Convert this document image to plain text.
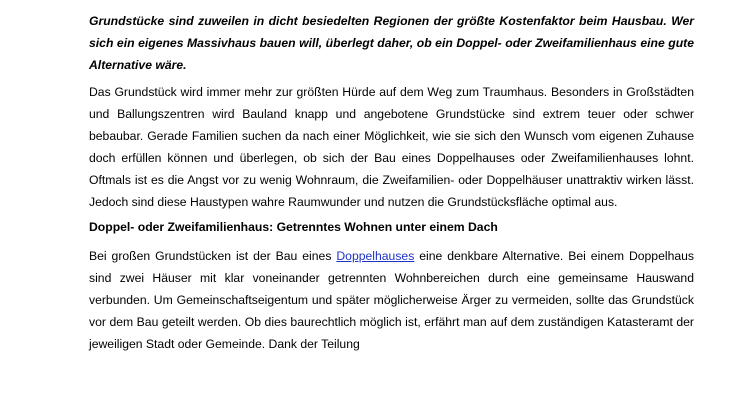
Grundstücke sind zuweilen in dicht besiedelten Regionen der größte Kostenfaktor beim Hausbau. Wer sich ein eigenes Massivhaus bauen will, überlegt daher, ob ein Doppel- oder Zweifamilienhaus eine gute Alternative wäre.

Das Grundstück wird immer mehr zur größten Hürde auf dem Weg zum Traumhaus. Besonders in Großstädten und Ballungszentren wird Bauland knapp und angebotene Grundstücke sind extrem teuer oder schwer bebaubar. Gerade Familien suchen da nach einer Möglichkeit, wie sie sich den Wunsch vom eigenen Zuhause doch erfüllen können und überlegen, ob sich der Bau eines Doppelhauses oder Zweifamilienhauses lohnt. Oftmals ist es die Angst vor zu wenig Wohnraum, die Zweifamilien- oder Doppelhäuser unattraktiv wirken lässt. Jedoch sind diese Haustypen wahre Raumwunder und nutzen die Grundstücksfläche optimal aus.

Doppel- oder Zweifamilienhaus: Getrenntes Wohnen unter einem Dach

Bei großen Grundstücken ist der Bau eines Doppelhauses eine denkbare Alternative. Bei einem Doppelhaus sind zwei Häuser mit klar voneinander getrennten Wohnbereichen durch eine gemeinsame Hauswand verbunden. Um Gemeinschaftseigentum und später möglicherweise Ärger zu vermeiden, sollte das Grundstück vor dem Bau geteilt werden. Ob dies baurechtlich möglich ist, erfährt man auf dem zuständigen Katasteramt der jeweiligen Stadt oder Gemeinde. Dank der Teilung
